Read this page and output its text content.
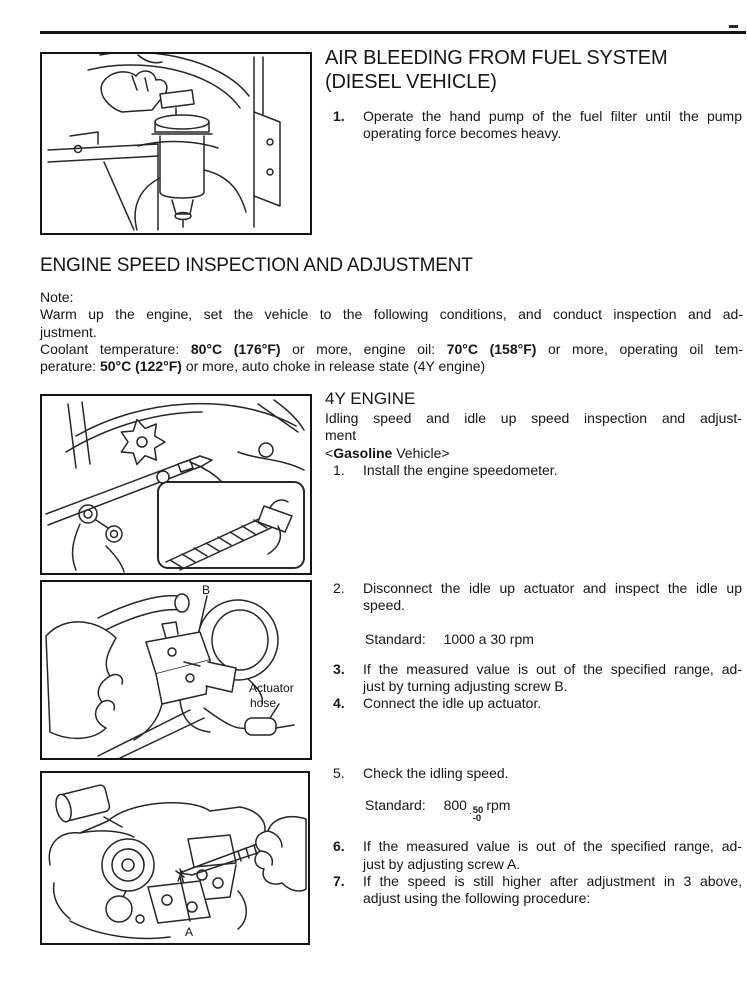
AIR BLEEDING FROM FUEL SYSTEM
(DIESEL VEHICLE)
1.	Operate the hand pump of the fuel filter until the pump
operating force becomes heavy.
ENGINE SPEED INSPECTION AND ADJUSTMENT
Note:
Warm up the engine, set the vehicle to the following conditions, and conduct inspection and ad-
justment.
Coolant temperature: 80°C (176°F) or more, engine oil: 70°C (158°F) or more, operating oil tem-
perature: 50°C (122°F) or more, auto choke in release state (4Y engine)
4Y ENGINE
Idling speed and idle up speed inspection and adjust-
ment
<Gasoline Vehicle>
1.	Install the engine speedometer.
B
Actuator
hose
2.	Disconnect the idle up actuator and inspect the idle up
speed.
Standard: 1000 a 30 rpm
3.	If the measured value is out of the specified range, ad-
just by turning adjusting screw B.
4.	Connect the idle up actuator.
A
5.	Check the idling speed.
Standard: 800 . 50
-0
rpm
6.	If the measured value is out of the specified range, ad-
just by adjusting screw A.
7.	If the speed is still higher after adjustment in 3 above,
adjust using the following procedure:
